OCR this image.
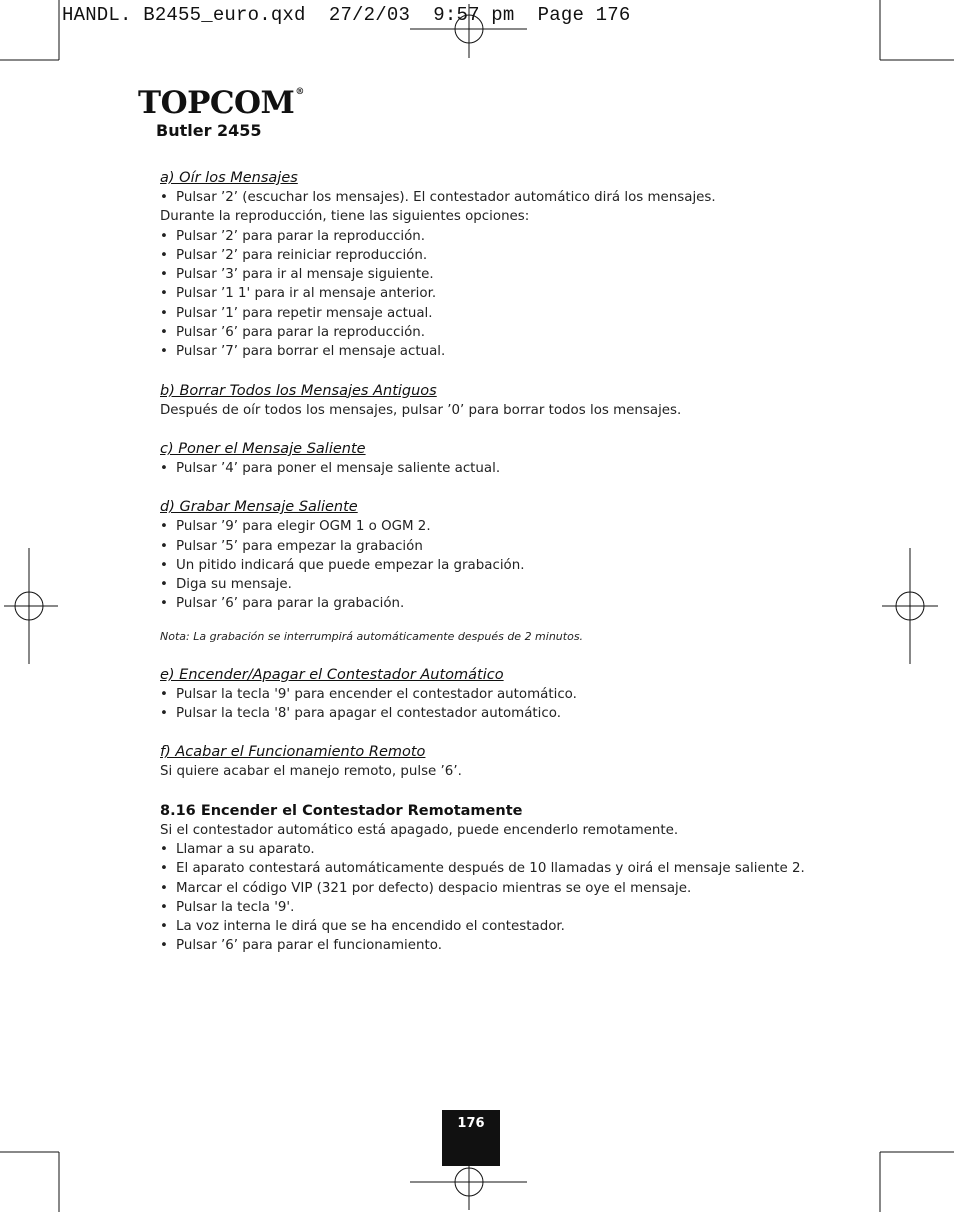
HANDL. B2455_euro.qxd  27/2/03  9:57 pm  Page 176
TOPCOM®
Butler 2455
a) Oír los Mensajes
• Pulsar ’2’ (escuchar los mensajes). El contestador automático dirá los mensajes.
Durante la reproducción, tiene las siguientes opciones:
• Pulsar ’2’ para parar la reproducción.
• Pulsar ’2’ para reiniciar reproducción.
• Pulsar ’3’ para ir al mensaje siguiente.
• Pulsar ’1 1' para ir al mensaje anterior.
• Pulsar ’1’ para repetir mensaje actual.
• Pulsar ’6’ para parar la reproducción.
• Pulsar ’7’ para borrar el mensaje actual.
b) Borrar Todos los Mensajes Antiguos
Después de oír todos los mensajes, pulsar ’0’ para borrar todos los mensajes.
c) Poner el Mensaje Saliente
• Pulsar ’4’ para poner el mensaje saliente actual.
d) Grabar Mensaje Saliente
• Pulsar ’9’ para elegir OGM 1 o OGM 2.
• Pulsar ’5’ para empezar la grabación
• Un pitido indicará que puede empezar la grabación.
• Diga su mensaje.
• Pulsar ’6’ para parar la grabación.
Nota: La grabación se interrumpirá automáticamente después de 2 minutos.
e) Encender/Apagar el Contestador Automático
• Pulsar la tecla '9' para encender el contestador automático.
• Pulsar la tecla '8' para apagar el contestador automático.
f) Acabar el Funcionamiento Remoto
Si quiere acabar el manejo remoto, pulse ’6’.
8.16 Encender el Contestador Remotamente
Si el contestador automático está apagado, puede encenderlo remotamente.
• Llamar a su aparato.
• El aparato contestará automáticamente después de 10 llamadas y oirá el mensaje saliente 2.
• Marcar el código VIP (321 por defecto) despacio mientras se oye el mensaje.
• Pulsar la tecla '9'.
• La voz interna le dirá que se ha encendido el contestador.
• Pulsar ’6’ para parar el funcionamiento.
176
